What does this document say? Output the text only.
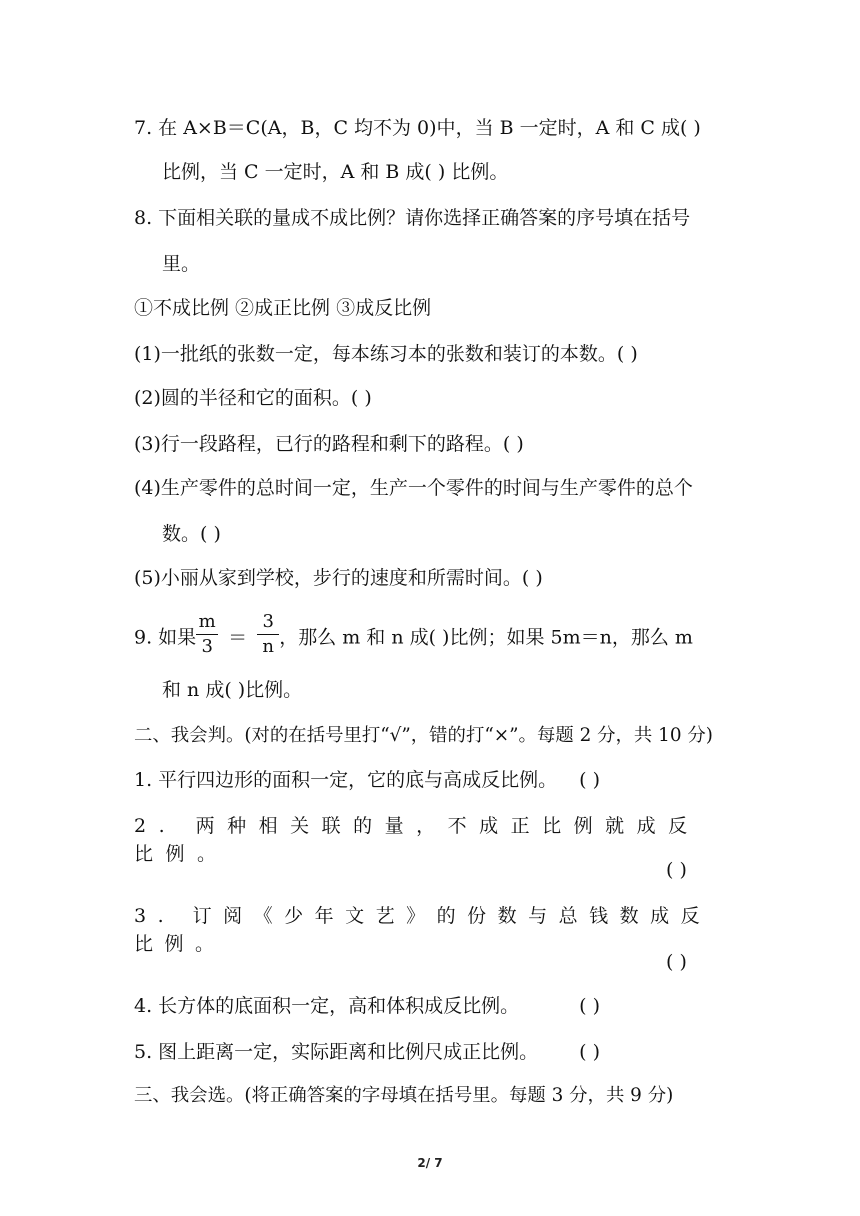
7. 在 A×B＝C(A，B，C 均不为 0)中，当 B 一定时，A 和 C 成( )
比例，当 C 一定时，A 和 B 成( ) 比例。
8. 下面相关联的量成不成比例？请你选择正确答案的序号填在括号
里。
①不成比例 ②成正比例 ③成反比例
(1)一批纸的张数一定，每本练习本的张数和装订的本数。( )
(2)圆的半径和它的面积。( )
(3)行一段路程，已行的路程和剩下的路程。( )
(4)生产零件的总时间一定，生产一个零件的时间与生产零件的总个
数。( )
(5)小丽从家到学校，步行的速度和所需时间。( )
9. 如果 $\frac{m}{3} = \frac{3}{n}$ ，那么 m 和 n 成( )比例；如果 5m＝n，那么 m
和 n 成( )比例。
二、我会判。(对的在括号里打“√”，错的打“×”。每题 2 分，共 10 分)
1. 平行四边形的面积一定，它的底与高成反比例。 ( )
2. 两种相关联的量，不成正比例就成反比例。
( )
3. 订阅《少年文艺》的份数与总钱数成反比例。
( )
4. 长方体的底面积一定，高和体积成反比例。	( )
5. 图上距离一定，实际距离和比例尺成正比例。 ( )
三、我会选。(将正确答案的字母填在括号里。每题 3 分，共 9 分)
2/ 7
